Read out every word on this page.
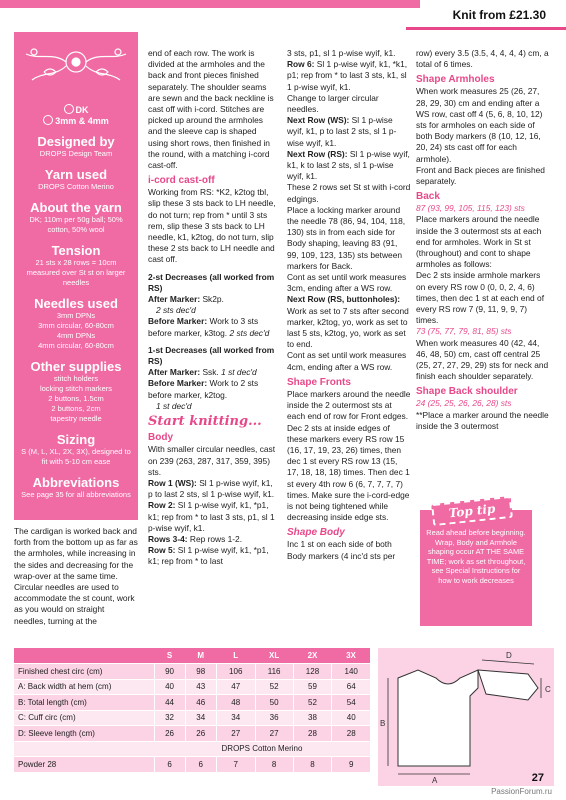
Knit from £21.30
DK
3mm & 4mm
Designed by

DROPS Design Team

Yarn used

DROPS Cotton Merino

About the yarn

DK; 110m per 50g ball; 50% cotton, 50% wool

Tension

21 sts x 28 rows = 10cm measured over St st on larger needles

Needles used

3mm DPNs

3mm circular, 60-80cm

4mm DPNs

4mm circular, 60-80cm

Other supplies

stitch holders

locking stitch markers

2 buttons, 1.5cm

2 buttons, 2cm

tapestry needle

Sizing

S (M, L, XL, 2X, 3X), designed to fit with 5-10 cm ease

Abbreviations

See page 35 for all abbreviations

The cardigan is worked back and forth from the bottom up as far as the armholes, while increasing in the sides and decreasing for the wrap-over at the same time. Circular needles are used to accommodate the st count, work as you would on straight needles, turning at the

end of each row. The work is divided at the armholes and the back and front pieces finished separately. The shoulder seams are sewn and the back neckline is cast off with i-cord. Stitches are picked up around the armholes and the sleeve cap is shaped using short rows, then finished in the round, with a matching i-cord cast-off.

i-cord cast-off

Working from RS: *K2, k2tog tbl, slip these 3 sts back to LH needle, do not turn; rep from * until 3 sts rem, slip these 3 sts back to LH needle, k1, k2tog, do not turn, slip these 2 sts back to LH needle and cast off.

2-st Decreases (all worked from RS)

After Marker: Sk2p.

2 sts dec'd

Before Marker: Work to 3 sts before marker, k3tog. 2 sts dec'd

1-st Decreases (all worked from RS)

After Marker: Ssk. 1 st dec'd

Before Marker: Work to 2 sts before marker, k2tog.

1 st dec'd

Start knitting...

Body

With smaller circular needles, cast on 239 (263, 287, 317, 359, 395) sts.

Row 1 (WS): Sl 1 p-wise wyif, k1, p to last 2 sts, sl 1 p-wise wyif, k1.

Row 2: Sl 1 p-wise wyif, k1, *p1, k1; rep from * to last 3 sts, p1, sl 1 p-wise wyif, k1.

Rows 3-4: Rep rows 1-2.

Row 5: Sl 1 p-wise wyif, k1, *p1, k1; rep from * to last

3 sts, p1, sl 1 p-wise wyif, k1.

Row 6: Sl 1 p-wise wyif, k1, *k1, p1; rep from * to last 3 sts, k1, sl 1 p-wise wyif, k1.

Change to larger circular needles.

Next Row (WS): Sl 1 p-wise wyif, k1, p to last 2 sts, sl 1 p-wise wyif, k1.

Next Row (RS): Sl 1 p-wise wyif, k1, k to last 2 sts, sl 1 p-wise wyif, k1.

These 2 rows set St st with i-cord edgings.

Place a locking marker around the needle 78 (86, 94, 104, 118, 130) sts in from each side for Body shaping, leaving 83 (91, 99, 109, 123, 135) sts between markers for Back.

Cont as set until work measures 3cm, ending after a WS row.

Next Row (RS, buttonholes): Work as set to 7 sts after second marker, k2tog, yo, work as set to last 5 sts, k2tog, yo, work as set to end.

Cont as set until work measures 4cm, ending after a WS row.

Shape Fronts

Place markers around the needle inside the 2 outermost sts at each end of row for Front edges. Dec 2 sts at inside edges of these markers every RS row 15 (16, 17, 19, 23, 26) times, then dec 1 st every RS row 13 (15, 17, 18, 18, 18) times. Then dec 1 st every 4th row 6 (6, 7, 7, 7, 7) times. Make sure the i-cord-edge is not being tightened while decreasing inside edge sts.

Shape Body

Inc 1 st on each side of both Body markers (4 inc'd sts per

row) every 3.5 (3.5, 4, 4, 4, 4) cm, a total of 6 times.

Shape Armholes

When work measures 25 (26, 27, 28, 29, 30) cm and ending after a WS row, cast off 4 (5, 6, 8, 10, 12) sts for armholes on each side of both Body markers (8 (10, 12, 16, 20, 24) sts cast off for each armhole).

Front and Back pieces are finished separately.

Back

87 (93, 99, 105, 115, 123) sts

Place markers around the needle inside the 3 outermost sts at each end for armholes. Work in St st (throughout) and cont to shape armholes as follows:

Dec 2 sts inside armhole markers on every RS row 0 (0, 0, 2, 4, 6) times, then dec 1 st at each end of every RS row 7 (9, 11, 9, 9, 7) times.

73 (75, 77, 79, 81, 85) sts

When work measures 40 (42, 44, 46, 48, 50) cm, cast off central 25 (25, 27, 27, 29, 29) sts for neck and finish each shoulder separately.

Shape Back shoulder

24 (25, 25, 26, 26, 28) sts

**Place a marker around the needle inside the 3 outermost

Top tip

Read ahead before beginning. Wrap, Body and Armhole shaping occur AT THE SAME TIME; work as set throughout, see Special Instructions for how to work decreases

	S	M	L	XL	2X	3X
Finished chest circ (cm)	90	98	106	116	128	140
A: Back width at hem (cm)	40	43	47	52	59	64
B: Total length (cm)	44	46	48	50	52	54
C: Cuff circ (cm)	32	34	34	36	38	40
D: Sleeve length (cm)	26	26	27	27	28	28
	DROPS Cotton Merino					
Powder 28	6	6	7	8	8	9
D
C
B
A	27
PassionForum.ru
